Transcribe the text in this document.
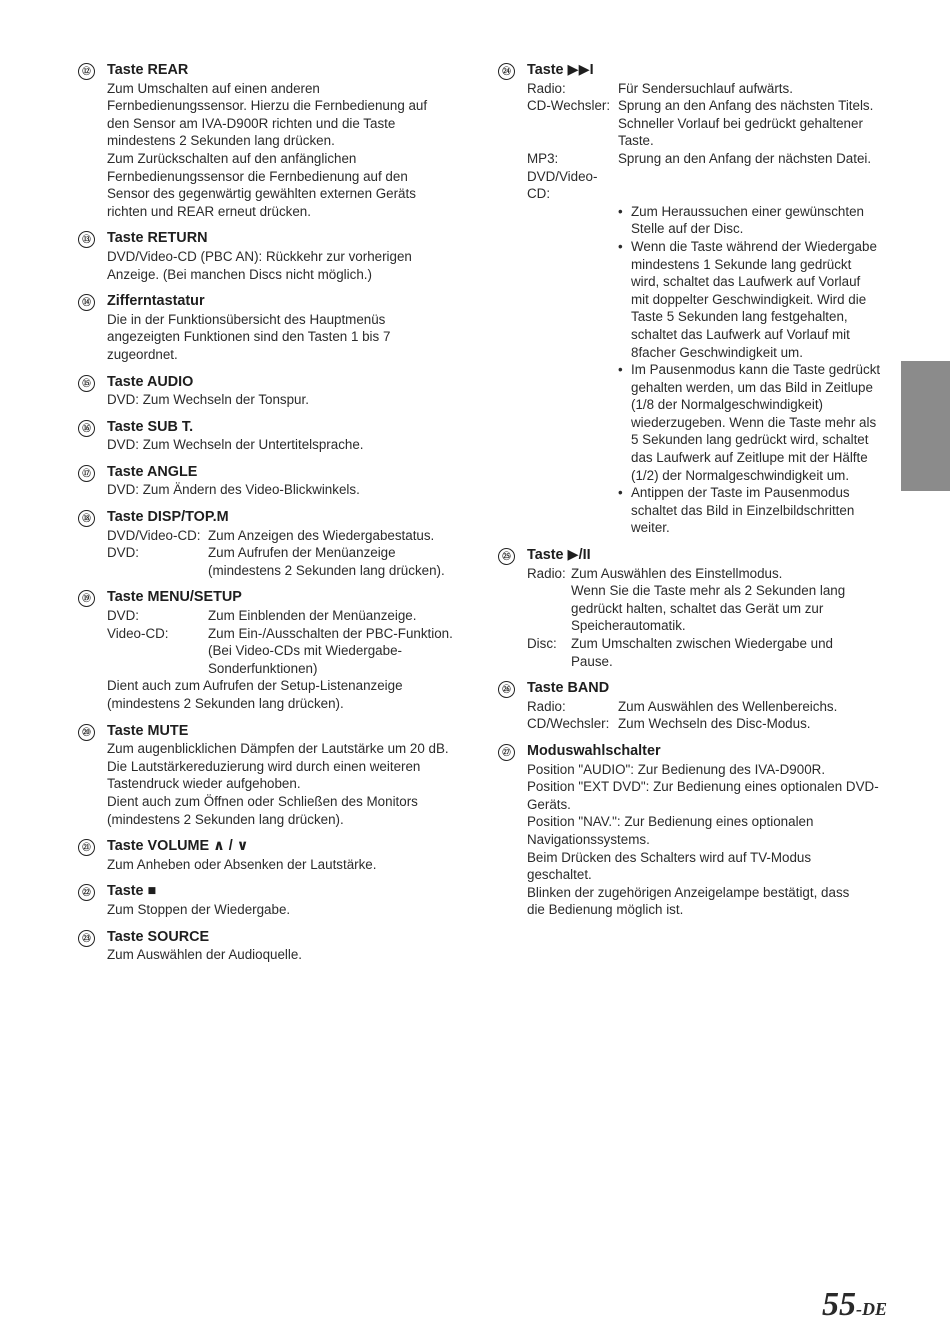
⑫ Taste REAR
Zum Umschalten auf einen anderen
Fernbedienungssensor. Hierzu die Fernbedienung auf
den Sensor am IVA-D900R richten und die Taste
mindestens 2 Sekunden lang drücken.
Zum Zurückschalten auf den anfänglichen
Fernbedienungssensor die Fernbedienung auf den
Sensor des gegenwärtig gewählten externen Geräts
richten und REAR erneut drücken.
⑬ Taste RETURN
DVD/Video-CD (PBC AN): Rückkehr zur vorherigen
Anzeige. (Bei manchen Discs nicht möglich.)
⑭ Zifferntastatur
Die in der Funktionsübersicht des Hauptmenüs
angezeigten Funktionen sind den Tasten 1 bis 7
zugeordnet.
⑮ Taste AUDIO
DVD: Zum Wechseln der Tonspur.
⑯ Taste SUB T.
DVD: Zum Wechseln der Untertitelsprache.
⑰ Taste ANGLE
DVD: Zum Ändern des Video-Blickwinkels.
⑱ Taste DISP/TOP.M
DVD/Video-CD: Zum Anzeigen des Wiedergabestatus.
DVD:	Zum Aufrufen der Menüanzeige
(mindestens 2 Sekunden lang drücken).
⑲ Taste MENU/SETUP
DVD:	Zum Einblenden der Menüanzeige.
Video-CD:	Zum Ein-/Ausschalten der PBC-Funktion.
(Bei Video-CDs mit Wiedergabe-
Sonderfunktionen)
Dient auch zum Aufrufen der Setup-Listenanzeige
(mindestens 2 Sekunden lang drücken).
⑳ Taste MUTE
Zum augenblicklichen Dämpfen der Lautstärke um 20 dB.
Die Lautstärkereduzierung wird durch einen weiteren
Tastendruck wieder aufgehoben.
Dient auch zum Öffnen oder Schließen des Monitors
(mindestens 2 Sekunden lang drücken).
㉑ Taste VOLUME ∧ / ∨
Zum Anheben oder Absenken der Lautstärke.
㉒ Taste ■
Zum Stoppen der Wiedergabe.
㉓ Taste SOURCE
Zum Auswählen der Audioquelle.
㉔ Taste ▶▶I
Radio:	Für Sendersuchlauf aufwärts.
CD-Wechsler: Sprung an den Anfang des nächsten Titels.
Schneller Vorlauf bei gedrückt gehaltener
Taste.
MP3:	Sprung an den Anfang der nächsten Datei.
DVD/Video-CD:
• Zum Heraussuchen einer gewünschten
Stelle auf der Disc.
• Wenn die Taste während der Wiedergabe
mindestens 1 Sekunde lang gedrückt
wird, schaltet das Laufwerk auf Vorlauf
mit doppelter Geschwindigkeit. Wird die
Taste 5 Sekunden lang festgehalten,
schaltet das Laufwerk auf Vorlauf mit
8facher Geschwindigkeit um.
• Im Pausenmodus kann die Taste gedrückt
gehalten werden, um das Bild in Zeitlupe
(1/8 der Normalgeschwindigkeit)
wiederzugeben. Wenn die Taste mehr als
5 Sekunden lang gedrückt wird, schaltet
das Laufwerk auf Zeitlupe mit der Hälfte
(1/2) der Normalgeschwindigkeit um.
• Antippen der Taste im Pausenmodus
schaltet das Bild in Einzelbildschritten
weiter.
㉕ Taste ▶/II
Radio: Zum Auswählen des Einstellmodus.
Wenn Sie die Taste mehr als 2 Sekunden lang
gedrückt halten, schaltet das Gerät um zur
Speicherautomatik.
Disc:	Zum Umschalten zwischen Wiedergabe und
Pause.
㉖ Taste BAND
Radio:	Zum Auswählen des Wellenbereichs.
CD/Wechsler: Zum Wechseln des Disc-Modus.
㉗ Moduswahlschalter
Position "AUDIO": Zur Bedienung des IVA-D900R.
Position "EXT DVD": Zur Bedienung eines optionalen DVD-
Geräts.
Position "NAV.": Zur Bedienung eines optionalen
Navigationssystems.
Beim Drücken des Schalters wird auf TV-Modus
geschaltet.
Blinken der zugehörigen Anzeigelampe bestätigt, dass
die Bedienung möglich ist.
55-DE
